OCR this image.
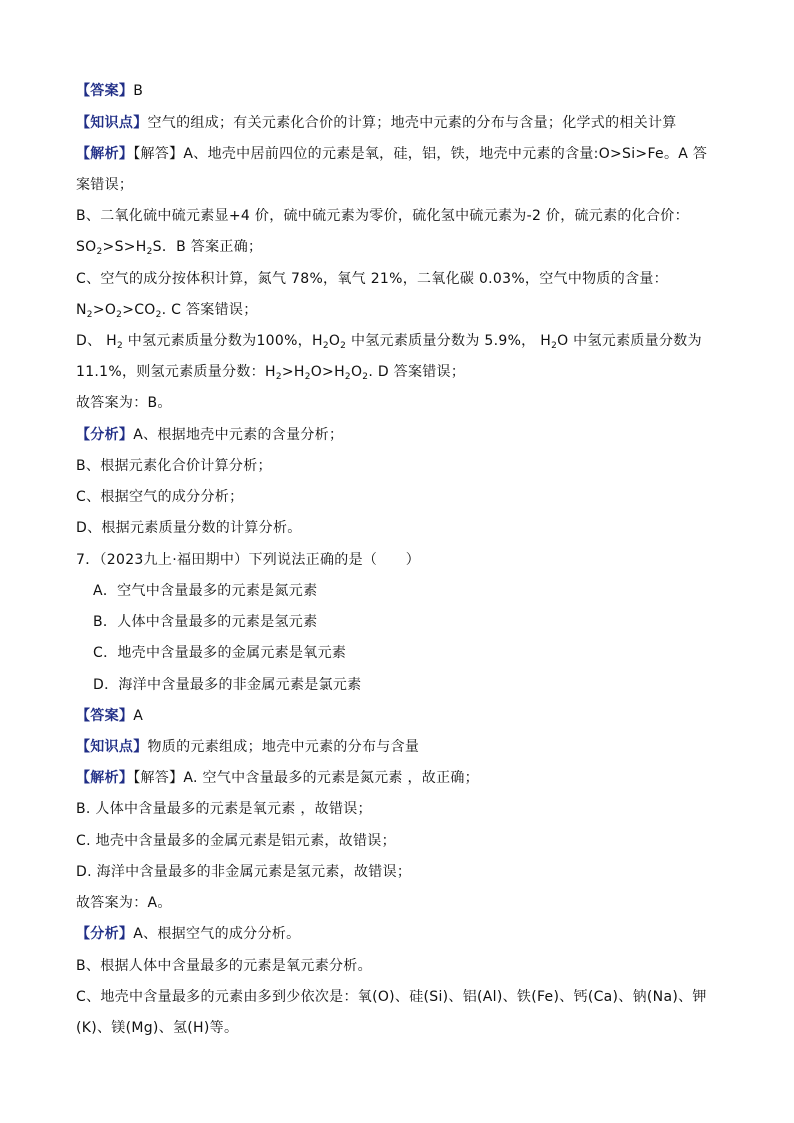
【答案】B
【知识点】空气的组成；有关元素化合价的计算；地壳中元素的分布与含量；化学式的相关计算
【解析】【解答】A、地壳中居前四位的元素是氧，硅，铝，铁，地壳中元素的含量:O>Si>Fe。A 答
案错误；
B、二氧化硫中硫元素显+4 价，硫中硫元素为零价，硫化氢中硫元素为-2 价，硫元素的化合价：
$SO_2>S>H_2S$．B 答案正确；
C、空气的成分按体积计算，氮气 78%，氧气 21%，二氧化碳 0.03%，空气中物质的含量：
$N_2>O_2>CO_2$. C 答案错误；
D、 $H_2$ 中氢元素质量分数为100%，$H_2O_2$ 中氢元素质量分数为 5.9%， $H_2O$ 中氢元素质量分数为
11.1%，则氢元素质量分数：$H_2>H_2O>H_2O_2$. D 答案错误；
故答案为：B。
【分析】A、根据地壳中元素的含量分析；
B、根据元素化合价计算分析；
C、根据空气的成分分析；
D、根据元素质量分数的计算分析。
7．（2023九上·福田期中）下列说法正确的是（　　）
A．空气中含量最多的元素是氮元素
B．人体中含量最多的元素是氢元素
C．地壳中含量最多的金属元素是氧元素
D．海洋中含量最多的非金属元素是氯元素
【答案】A
【知识点】物质的元素组成；地壳中元素的分布与含量
【解析】【解答】A. 空气中含量最多的元素是氮元素 ，故正确；
B. 人体中含量最多的元素是氧元素 ，故错误；
C. 地壳中含量最多的金属元素是铝元素，故错误；
D. 海洋中含量最多的非金属元素是氢元素，故错误；
故答案为：A。
【分析】A、根据空气的成分分析。
B、根据人体中含量最多的元素是氧元素分析。
C、地壳中含量最多的元素由多到少依次是：氧(O)、硅(Si)、铝(Al)、铁(Fe)、钙(Ca)、钠(Na)、钾
(K)、镁(Mg)、氢(H)等。
